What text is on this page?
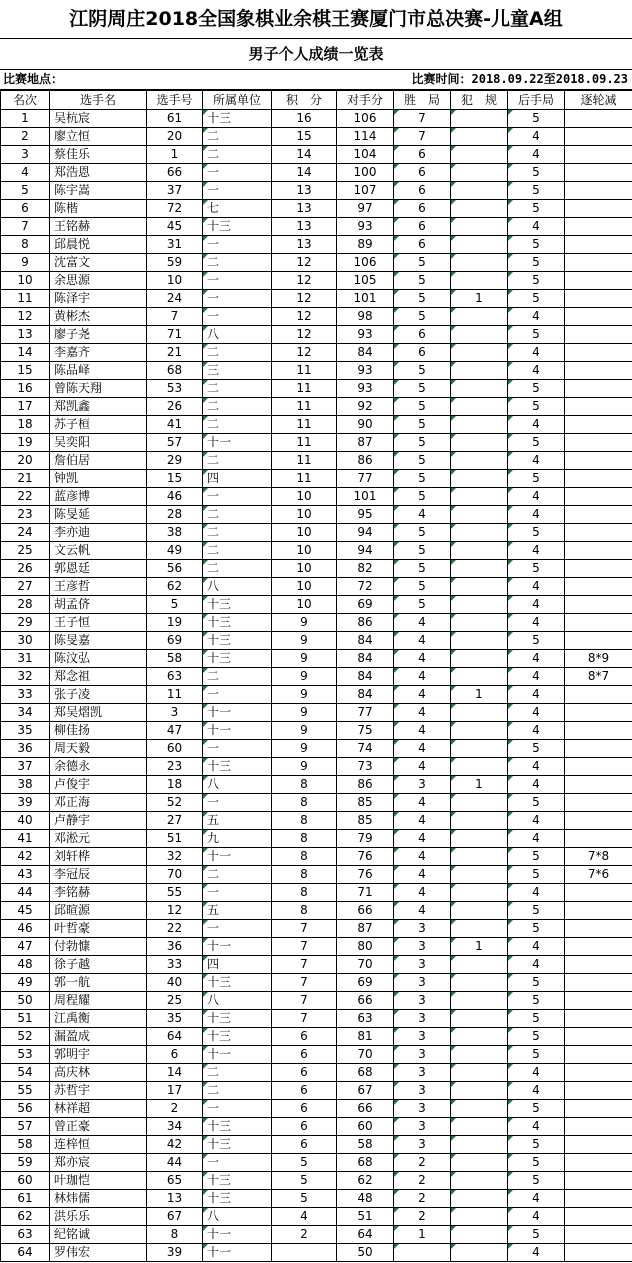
江阴周庄2018全国象棋业余棋王赛厦门市总决赛-儿童A组
男子个人成绩一览表
比赛地点：	比赛时间：2018.09.22至2018.09.23
名次	选手名	选手号	所属单位	积　分	对手分	胜　局	犯　规	后手局	逐轮减
1	吴杭宸	61	十三	16	106	7		5	
2	廖立恒	20	二	15	114	7		4	
3	蔡佳乐	1	二	14	104	6		4	
4	郑浩恩	66	一	14	100	6		5	
5	陈宇嵩	37	一	13	107	6		5	
6	陈楷	72	七	13	97	6		5	
7	王铭赫	45	十三	13	93	6		4	
8	邱晨悦	31	一	13	89	6		5	
9	沈富文	59	二	12	106	5		5	
10	余思源	10	一	12	105	5		5	
11	陈泽宇	24	一	12	101	5	1	5	
12	黄彬杰	7	一	12	98	5		4	
13	廖子尧	71	八	12	93	6		5	
14	李嘉齐	21	二	12	84	6		4	
15	陈品峄	68	三	11	93	5		4	
16	曾陈天翔	53	二	11	93	5		5	
17	郑凯鑫	26	二	11	92	5		5	
18	苏子桓	41	二	11	90	5		4	
19	吴奕阳	57	十一	11	87	5		5	
20	詹伯居	29	二	11	86	5		4	
21	钟凯	15	四	11	77	5		5	
22	蓝彦博	46	一	10	101	5		4	
23	陈旻延	28	二	10	95	4		4	
24	李亦迪	38	二	10	94	5		5	
25	文云帆	49	二	10	94	5		4	
26	郭恩廷	56	二	10	82	5		5	
27	王彦哲	62	八	10	72	5		4	
28	胡孟侪	5	十三	10	69	5		4	
29	王子恒	19	十三	9	86	4		4	
30	陈旻嘉	69	十三	9	84	4		5	
31	陈汶弘	58	十三	9	84	4		4	8*9
32	郑念祖	63	二	9	84	4		4	8*7
33	张子凌	11	一	9	84	4	1	4	
34	郑吴熠凯	3	十一	9	77	4		4	
35	柳佳扬	47	十一	9	75	4		4	
36	周天毅	60	一	9	74	4		5	
37	余德永	23	十三	9	73	4		4	
38	卢俊宇	18	八	8	86	3	1	4	
39	邓正海	52	一	8	85	4		5	
40	卢静宇	27	五	8	85	4		4	
41	邓淞元	51	九	8	79	4		4	
42	刘轩桦	32	十一	8	76	4		5	7*8
43	李冠辰	70	二	8	76	4		5	7*6
44	李铭赫	55	一	8	71	4		4	
45	邱暄源	12	五	8	66	4		5	
46	叶哲豪	22	一	7	87	3		5	
47	付勃慷	36	十一	7	80	3	1	4	
48	徐子越	33	四	7	70	3		4	
49	郭一航	40	十三	7	69	3		5	
50	周程耀	25	八	7	66	3		5	
51	江禹衡	35	十三	7	63	3		5	
52	漏盈成	64	十三	6	81	3		5	
53	郭明宇	6	十一	6	70	3		5	
54	高庆林	14	二	6	68	3		4	
55	苏哲宇	17	二	6	67	3		4	
56	林祥超	2	一	6	66	3		5	
57	曾正豪	34	十三	6	60	3		4	
58	连梓恒	42	十三	6	58	3		5	
59	郑亦宸	44	一	5	68	2		5	
60	叶珈恺	65	十三	5	62	2		5	
61	林炜儒	13	十三	5	48	2		4	
62	洪乐乐	67	八	4	51	2		4	
63	纪铭诚	8	十一	2	64	1		5	
64	罗伟宏	39	十一		50			4	
